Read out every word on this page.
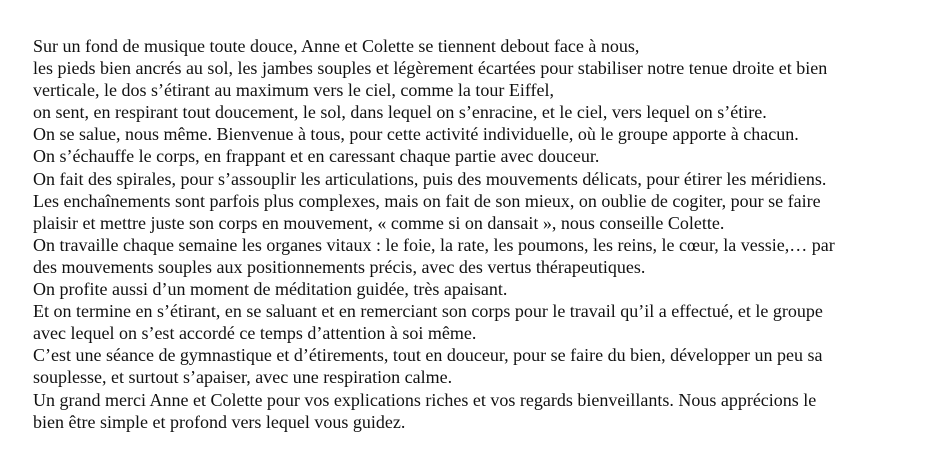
Sur un fond de musique toute douce, Anne et Colette se tiennent debout face à nous,

les pieds bien ancrés au sol, les jambes souples et légèrement écartées pour stabiliser notre tenue droite et bien
verticale, le dos s’étirant au maximum vers le ciel, comme la tour Eiffel,

on sent, en respirant tout doucement, le sol, dans lequel on s’enracine, et le ciel, vers lequel on s’étire.

On se salue, nous même. Bienvenue à tous, pour cette activité individuelle, où le groupe apporte à chacun.

On s’échauffe le corps, en frappant et en caressant chaque partie avec douceur.

On fait des spirales, pour s’assouplir les articulations, puis des mouvements délicats, pour étirer les méridiens.

Les enchaînements sont parfois plus complexes, mais on fait de son mieux, on oublie de cogiter, pour se faire
plaisir et mettre juste son corps en mouvement, « comme si on dansait », nous conseille Colette.

On travaille chaque semaine les organes vitaux : le foie, la rate, les poumons, les reins, le cœur, la vessie,… par
des mouvements souples aux positionnements précis, avec des vertus thérapeutiques.

On profite aussi d’un moment de méditation guidée, très apaisant.

Et on termine en s’étirant, en se saluant et en remerciant son corps pour le travail qu’il a effectué, et le groupe
avec lequel on s’est accordé ce temps d’attention à soi même.

C’est une séance de gymnastique et d’étirements, tout en douceur, pour se faire du bien, développer un peu sa
souplesse, et surtout s’apaiser, avec une respiration calme.

Un grand merci Anne et Colette pour vos explications riches et vos regards bienveillants. Nous apprécions le
bien être simple et profond vers lequel vous guidez.
